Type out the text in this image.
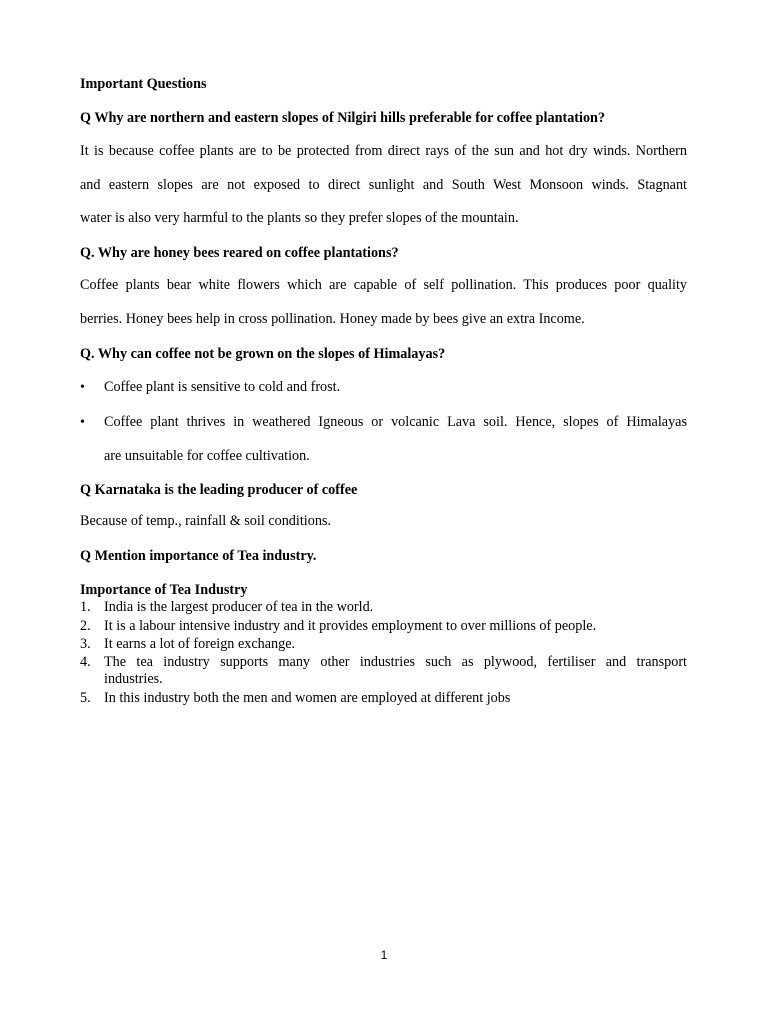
Important Questions
Q Why are northern and eastern slopes of Nilgiri hills preferable for coffee plantation?
It is because coffee plants are to be protected from direct rays of the sun and hot dry winds. Northern
and eastern slopes are not exposed to direct sunlight and South West Monsoon winds. Stagnant
water is also very harmful to the plants so they prefer slopes of the mountain.
Q. Why are honey bees reared on coffee plantations?
Coffee plants bear white flowers which are capable of self pollination. This produces poor quality
berries. Honey bees help in cross pollination. Honey made by bees give an extra Income.
Q. Why can coffee not be grown on the slopes of Himalayas?
•	Coffee plant is sensitive to cold and frost.
•	Coffee plant thrives in weathered Igneous or volcanic Lava soil. Hence, slopes of Himalayas
are unsuitable for coffee cultivation.
Q Karnataka is the leading producer of coffee
Because of temp., rainfall & soil conditions.
Q Mention importance of Tea industry.
Importance of Tea Industry
1. India is the largest producer of tea in the world.
2. It is a labour intensive industry and it provides employment to over millions of people.
3. It earns a lot of foreign exchange.
4. The tea industry supports many other industries such as plywood, fertiliser and transport
industries.
5. In this industry both the men and women are employed at different jobs
1
